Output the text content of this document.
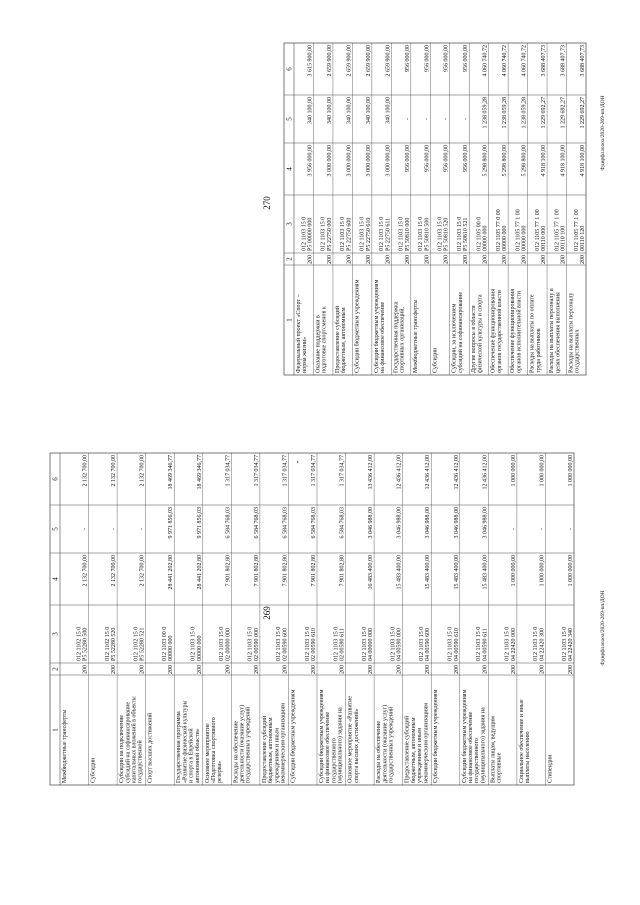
1
2
3
4
5
6
Межбюджетные трансферты
200
012 1102 15 0Р5 52280 500
2 132 700,00
-
2 132 700,00
Субсидии
200
012 1102 15 0Р5 52280 520
2 132 700,00
-
2 132 700,00
Субсидии на подключениесубсидий на софинансированиекапитальных вложений в объектыгосударственной
200
012 1102 15 0Р5 52280 521
2 132 700,00
-
2 132 700,00
Спорт высших достижений
200
012 1103 00 000000 000
28 441 202,80
9 971 856,03
18 469 346,77
Государственная программа«Развитие физической культурыи спорта в Еврейскойавтономной области»
200
012 1103 15 000000 000
28 441 202,80
9 971 856,03
18 469 346,77
Основное мероприятие«Подготовка спортивногорезерва»
200
012 1103 15 002 00000 000
7 901 802,80
6 584 768,03
1 317 034,77
Расходы на обеспечениедеятельности (оказание услуг)государственных учреждений
200
012 1103 15 002 00590 000
7 901 802,80
6 584 768,03
1 317 034,77
Предоставление субсидийбюджетным, автономнымучреждениям и инымнекоммерческим организациям
200
012 1103 15 002 00590 600
7 901 802,80
6 584 768,03
1 317 034,77
Субсидии бюджетным учреждениям
200
012 1103 15 002 00590 610
7 901 802,80
6 584 768,03
1 317 034,77
Субсидии бюджетным учреждениямна финансовое обеспечениегосударственного(муниципального) задания на
200
012 1103 15 002 00590 611
7 901 802,80
6 584 768,03
1 317 034,77
Основное мероприятие «Развитиеспорта высших достижений»
200
012 1103 15 004 00000 000
16 483 400,00
3 046 988,00
13 436 412,00
Расходы на обеспечениедеятельности (оказание услуг)государственных учреждений
200
012 1103 15 004 00590 000
15 483 400,00
3 046 988,00
12 436 412,00
Предоставление субсидийбюджетным, автономнымучреждениям и инымнекоммерческим организациям
200
012 1103 15 004 00590 600
15 483 400,00
3 046 988,00
12 436 412,00
Субсидии бюджетным учреждениям
200
012 1103 15 004 00590 610
15 483 400,00
3 046 988,00
12 436 412,00
Субсидии бюджетным учреждениямна финансовое обеспечениегосударственного(муниципального) задания на
200
012 1103 15 004 00590 611
15 483 400,00
3 046 988,00
12 436 412,00
Выплаты лицам, ведущимспортивные
200
012 1103 15 004 22420 000
1 000 000,00
-
1 000 000,00
Социальное обеспечение и иныевыплаты населению
200
012 1103 15 004 22420 300
1 000 000,00
-
1 000 000,00
Стипендии
200
012 1103 15 004 22420 340
1 000 000,00
-
1 000 000,00
1
2
3
4
5
6
Федеральный проект «Спорт –норма жизни»
200
012 1103 15 0Р5 00000 000
3 956 000,00
340 100,00
3 615 900,00
Оказание поддержки вподготовке спортсменов к
200
012 1103 15 0Р5 22750 000
3 000 000,00
340 100,00
2 659 900,00
Предоставление субсидийбюджетным, автономным
200
012 1103 15 0Р5 22750 600
3 000 000,00
340 100,00
2 659 900,00
Субсидии бюджетным учреждениям
200
012 1103 15 0Р5 22750 610
3 000 000,00
340 100,00
2 659 900,00
Субсидии бюджетным учреждениямна финансовое обеспечение
200
012 1103 15 0Р5 22750 611
3 000 000,00
340 100,00
2 659 900,00
Государственная поддержкаспортивных организаций,
200
012 1103 15 0Р5 50810 000
956 000,00
-
956 000,00
Межбюджетные трансферты
200
012 1103 15 0Р5 50810 500
956 000,00
-
956 000,00
Субсидии
200
012 1103 15 0Р5 50810 520
956 000,00
-
956 000,00
Субсидии, за исключениемсубсидий на софинансирование
200
012 1103 15 0Р5 50810 521
956 000,00
-
956 000,00
Другие вопросы в областифизической культуры и спорта
200
012 1105 00 000000 000
5 298 800,00
1 238 059,28
4 060 740,72
Обеспечение функционированияорганов государственной власти
200
012 1105 77 0 0000000 000
5 298 800,00
1 238 059,28
4 060 740,72
Обеспечение функционированияорганов исполнительной власти
200
012 1105 77 1 0000000 000
5 298 800,00
1 238 059,28
4 060 740,72
Расходы на выплаты по оплатетруда работников
200
012 1105 77 1 0000110 000
4 918 100,00
1 229 692,27
3 688 407,73
Расходы на выплаты персоналу вцелях обеспечения выполнения
200
012 1105 77 1 0000110 100
4 918 100,00
1 229 692,27
3 688 407,73
Расходы на выплаты персоналугосударственных
200
012 1105 77 1 0000110 120
4 918 100,00
1 229 692,27
3 688 407,73
269
270
-
Фдирфлаоаоа/2020-269-кп/ДОН
Фдирфлаоаоа/2020-269-кп/ДОН
